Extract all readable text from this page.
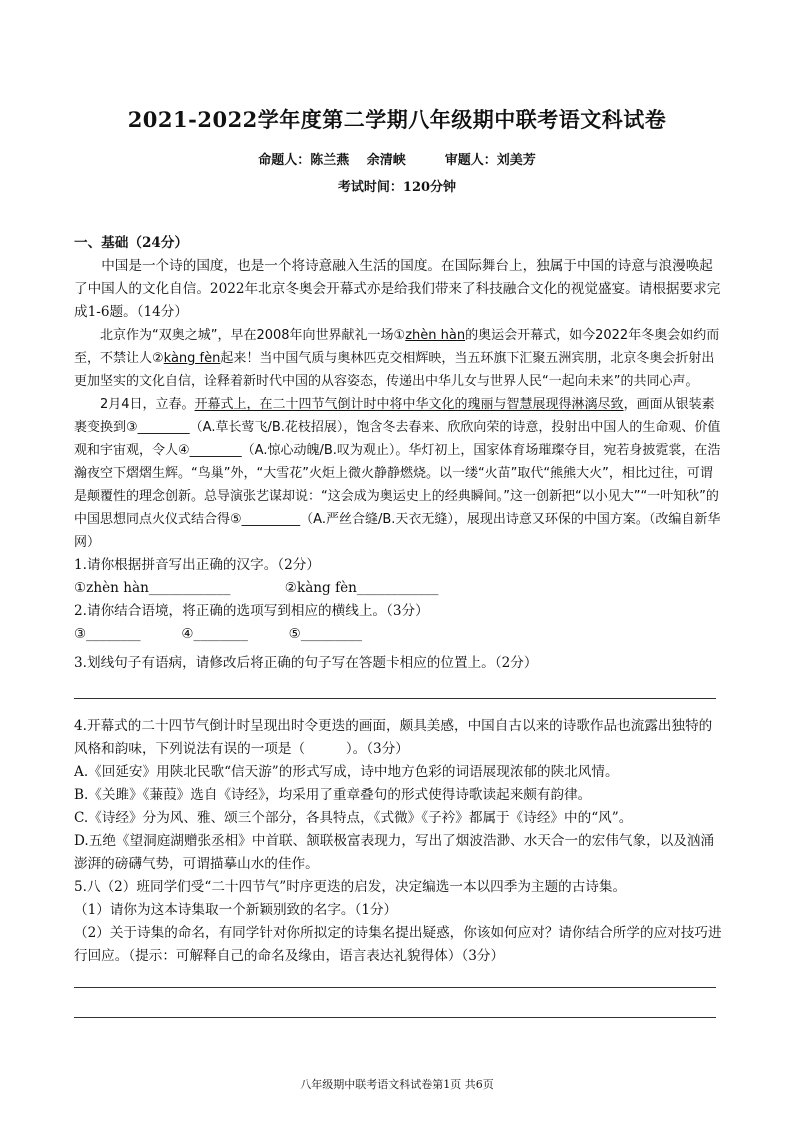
2021-2022学年度第二学期八年级期中联考语文科试卷
命题人：陈兰燕　 余清峡　　　审题人：刘美芳
考试时间：120分钟

一、基础（24分）

中国是一个诗的国度，也是一个将诗意融入生活的国度。在国际舞台上，独属于中国的诗意与浪漫唤起了中国人的文化自信。2022年北京冬奥会开幕式亦是给我们带来了科技融合文化的视觉盛宴。请根据要求完成1-6题。（14分）

北京作为“双奥之城”，早在2008年向世界献礼一场①zhèn hàn的奥运会开幕式，如今2022年冬奥会如约而至，不禁让人②kàng fèn起来！当中国气质与奥林匹克交相辉映，当五环旗下汇聚五洲宾朋，北京冬奥会折射出更加坚实的文化自信，诠释着新时代中国的从容姿态，传递出中华儿女与世界人民“一起向未来”的共同心声。

2月4日，立春。开幕式上，在二十四节气倒计时中将中华文化的瑰丽与智慧展现得淋漓尽致，画面从银装素裹变换到③________（A.草长莺飞/B.花枝招展），饱含冬去春来、欣欣向荣的诗意，投射出中国人的生命观、价值观和宇宙观，令人④________（A.惊心动魄/B.叹为观止）。华灯初上，国家体育场璀璨夺目，宛若身披霓裳，在浩瀚夜空下熠熠生辉。“鸟巢”外，“大雪花”火炬上微火静静燃烧。以一缕“火苗”取代“熊熊大火”，相比过往，可谓是颠覆性的理念创新。总导演张艺谋却说：“这会成为奥运史上的经典瞬间。”这一创新把“以小见大”“一叶知秋”的中国思想同点火仪式结合得⑤_________（A.严丝合缝/B.天衣无缝），展现出诗意又环保的中国方案。（改编自新华网）

1.请你根据拼音写出正确的汉字。（2分）

①zhèn hàn____________　　　　②kàng fèn____________

2.请你结合语境，将正确的选项写到相应的横线上。（3分）

③________　　　④________　　　⑤_________

3.划线句子有语病，请修改后将正确的句子写在答题卡相应的位置上。（2分）

4.开幕式的二十四节气倒计时呈现出时令更迭的画面，颇具美感，中国自古以来的诗歌作品也流露出独特的风格和韵味，下列说法有误的一项是（　　　）。（3分）

A.《回延安》用陕北民歌“信天游”的形式写成，诗中地方色彩的词语展现浓郁的陕北风情。

B.《关雎》《蒹葭》选自《诗经》，均采用了重章叠句的形式使得诗歌读起来颇有韵律。

C.《诗经》分为风、雅、颂三个部分，各具特点，《式微》《子衿》都属于《诗经》中的“风”。

D.五绝《望洞庭湖赠张丞相》中首联、颔联极富表现力，写出了烟波浩渺、水天合一的宏伟气象，以及汹涌澎湃的磅礴气势，可谓描摹山水的佳作。

5.八（2）班同学们受“二十四节气”时序更迭的启发，决定编选一本以四季为主题的古诗集。

（1）请你为这本诗集取一个新颖别致的名字。（1分）

（2）关于诗集的命名，有同学针对你所拟定的诗集名提出疑惑，你该如何应对？请你结合所学的应对技巧进行回应。（提示：可解释自己的命名及缘由，语言表达礼貌得体）（3分）

八年级期中联考语文科试卷第1页 共6页
